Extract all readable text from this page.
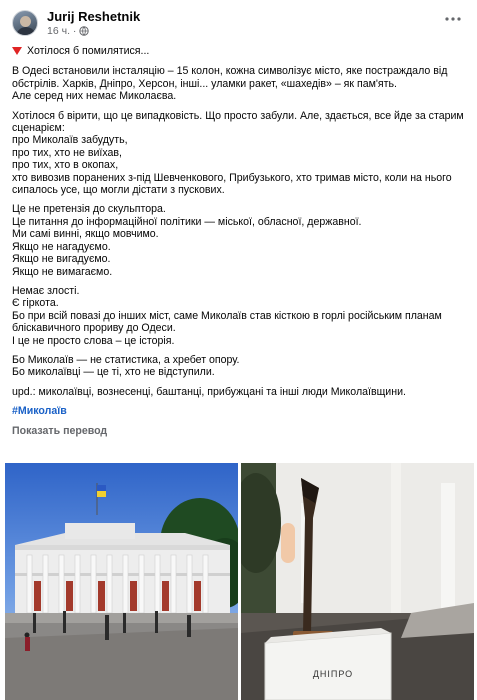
Jurij Reshetnik
16 ч. ·
Хотілося б помилятися...

В Одесі встановили інсталяцію – 15 колон, кожна символізує місто, яке постраждало від обстрілів. Харків, Дніпро, Херсон, інші... уламки ракет, «шахедів» – як пам'ять.
Але серед них немає Миколаєва.

Хотілося б вірити, що це випадковість. Що просто забули. Але, здається, все йде за старим сценарієм:
про Миколаїв забудуть,
про тих, хто не виїхав,
про тих, хто в окопах,
хто вивозив поранених з-під Шевченкового, Прибузького, хто тримав місто, коли на нього сипалось усе, що могли дістати з пускових.

Це не претензія до скульптора.
Це питання до інформаційної політики — міської, обласної, державної.
Ми самі винні, якщо мовчимо.
Якщо не нагадуємо.
Якщо не вигадуємо.
Якщо не вимагаємо.

Немає злості.
Є гіркота.
Бо при всій повазі до інших міст, саме Миколаїв став кісткою в горлі російським планам бліскавичного прориву до Одеси.
І це не просто слова – це історія.

Бо Миколаїв — не статистика, а хребет опору.
Бо миколаївці — це ті, хто не відступили.

upd.: миколаївці, вознесенці, баштанці, прибужцані та інші люди Миколаївщини.

#Миколаїв
Показать перевод
ДНІПРО
